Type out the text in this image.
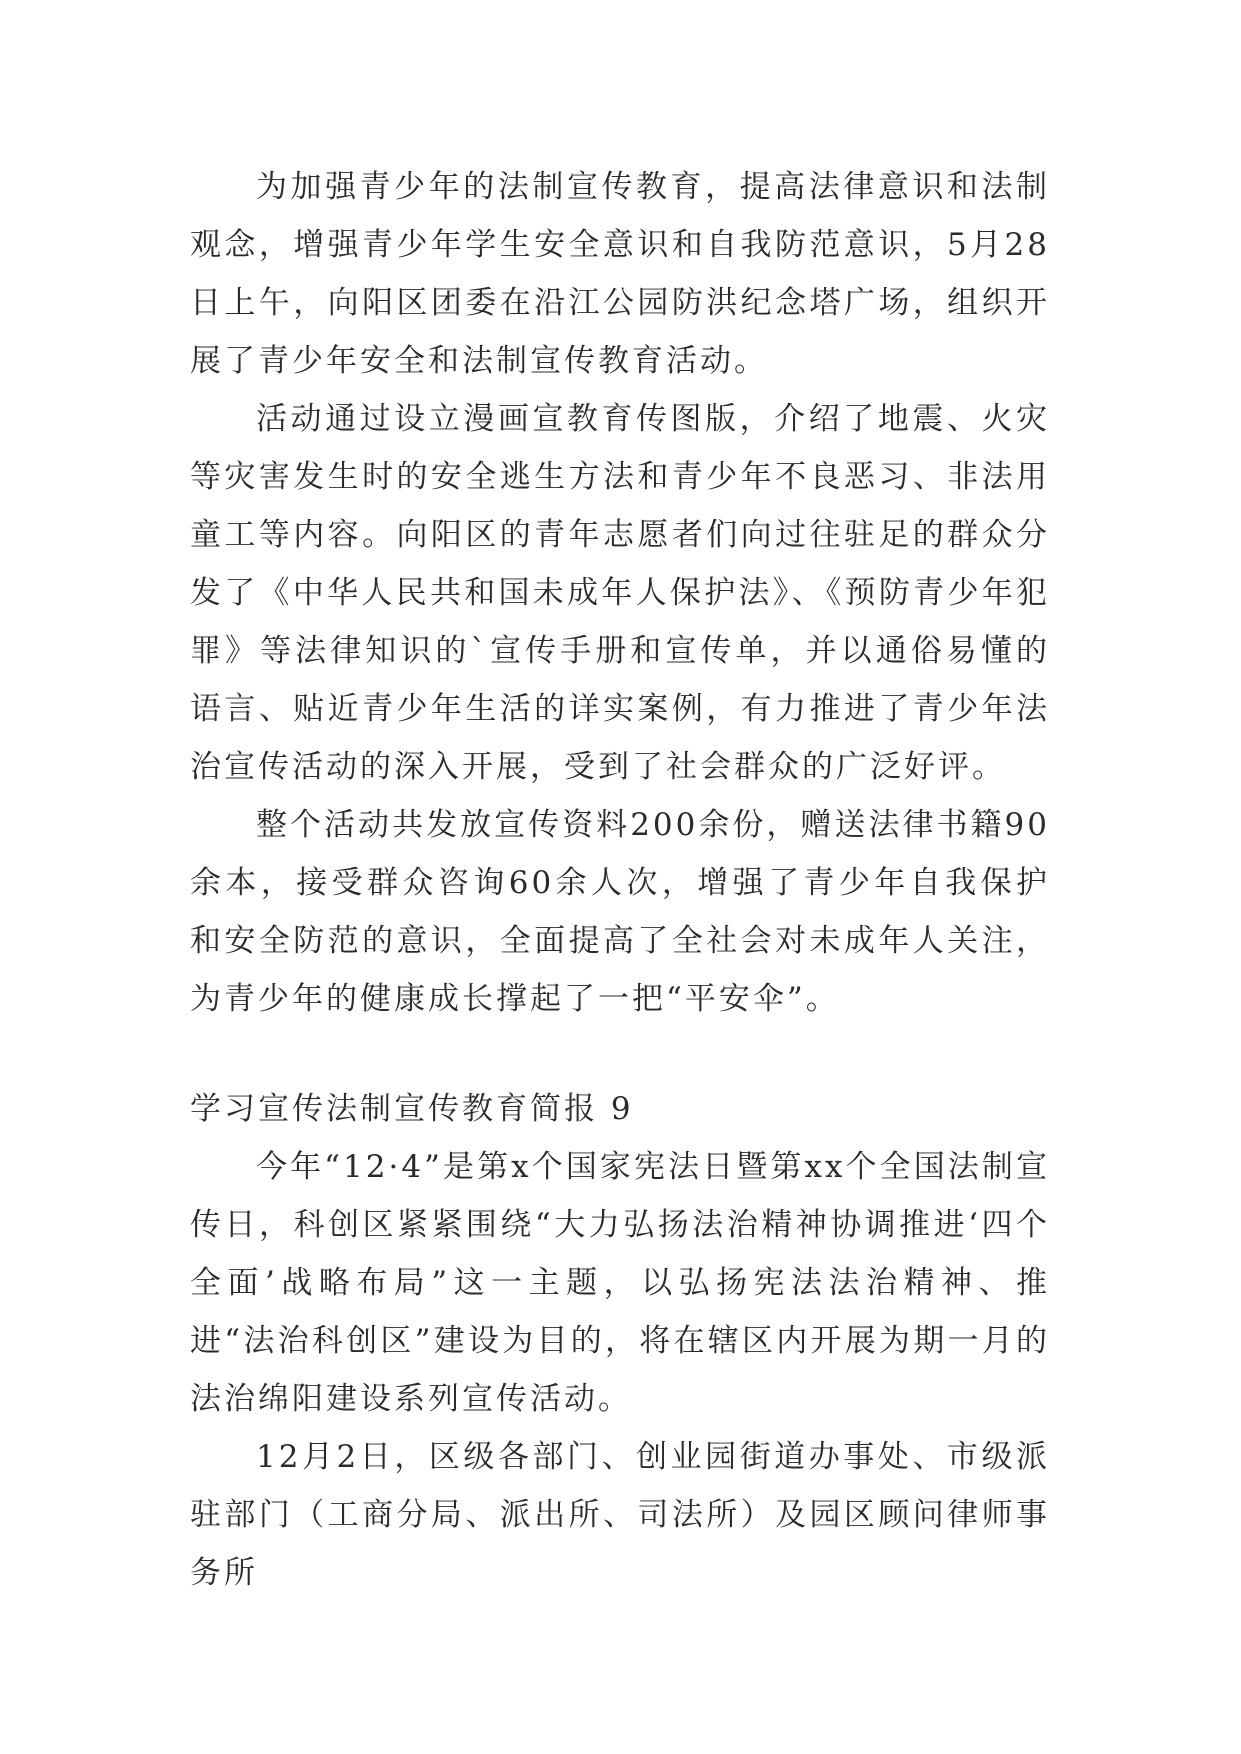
为加强青少年的法制宣传教育，提高法律意识和法制观念，增强青少年学生安全意识和自我防范意识，5月28日上午，向阳区团委在沿江公园防洪纪念塔广场，组织开展了青少年安全和法制宣传教育活动。

活动通过设立漫画宣教育传图版，介绍了地震、火灾等灾害发生时的安全逃生方法和青少年不良恶习、非法用童工等内容。向阳区的青年志愿者们向过往驻足的群众分发了《中华人民共和国未成年人保护法》、《预防青少年犯罪》等法律知识的`宣传手册和宣传单，并以通俗易懂的语言、贴近青少年生活的详实案例，有力推进了青少年法治宣传活动的深入开展，受到了社会群众的广泛好评。

整个活动共发放宣传资料200余份，赠送法律书籍90余本，接受群众咨询60余人次，增强了青少年自我保护和安全防范的意识，全面提高了全社会对未成年人关注，为青少年的健康成长撑起了一把“平安伞”。

学习宣传法制宣传教育简报 9

今年“12·4”是第x个国家宪法日暨第xx个全国法制宣传日，科创区紧紧围绕“大力弘扬法治精神协调推进‘四个全面’战略布局”这一主题，以弘扬宪法法治精神、推进“法治科创区”建设为目的，将在辖区内开展为期一月的法治绵阳建设系列宣传活动。

12月2日，区级各部门、创业园街道办事处、市级派驻部门（工商分局、派出所、司法所）及园区顾问律师事务所
